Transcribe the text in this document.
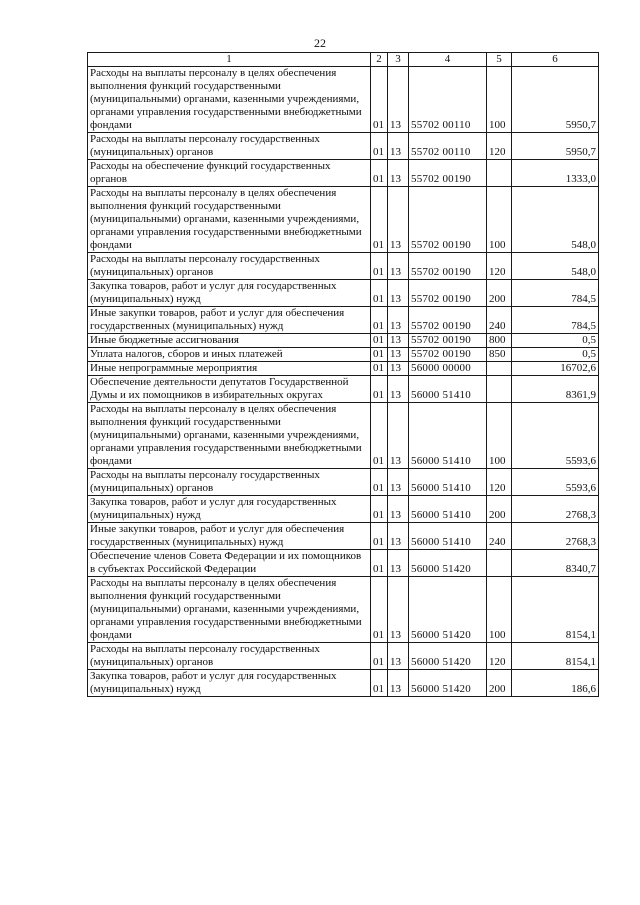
22
1	2	3	4	5	6
Расходы на выплаты персоналу в целях обеспечения выполнения функций государственными (муниципальными) органами, казенными учреждениями, органами управления государственными внебюджетными фондами	01	13	55702 00110	100	5950,7
Расходы на выплаты персоналу государственных (муниципальных) органов	01	13	55702 00110	120	5950,7
Расходы на обеспечение функций государственных органов	01	13	55702 00190		1333,0
Расходы на выплаты персоналу в целях обеспечения выполнения функций государственными (муниципальными) органами, казенными учреждениями, органами управления государственными внебюджетными фондами	01	13	55702 00190	100	548,0
Расходы на выплаты персоналу государственных (муниципальных) органов	01	13	55702 00190	120	548,0
Закупка товаров, работ и услуг для государственных (муниципальных) нужд	01	13	55702 00190	200	784,5
Иные закупки товаров, работ и услуг для обеспечения государственных (муниципальных) нужд	01	13	55702 00190	240	784,5
Иные бюджетные ассигнования	01	13	55702 00190	800	0,5
Уплата налогов, сборов и иных платежей	01	13	55702 00190	850	0,5
Иные непрограммные мероприятия	01	13	56000 00000		16702,6
Обеспечение деятельности депутатов Государственной Думы и их помощников в избирательных округах	01	13	56000 51410		8361,9
Расходы на выплаты персоналу в целях обеспечения выполнения функций государственными (муниципальными) органами, казенными учреждениями, органами управления государственными внебюджетными фондами	01	13	56000 51410	100	5593,6
Расходы на выплаты персоналу государственных (муниципальных) органов	01	13	56000 51410	120	5593,6
Закупка товаров, работ и услуг для государственных (муниципальных) нужд	01	13	56000 51410	200	2768,3
Иные закупки товаров, работ и услуг для обеспечения государственных (муниципальных) нужд	01	13	56000 51410	240	2768,3
Обеспечение членов Совета Федерации и их помощников в субъектах Российской Федерации	01	13	56000 51420		8340,7
Расходы на выплаты персоналу в целях обеспечения выполнения функций государственными (муниципальными) органами, казенными учреждениями, органами управления государственными внебюджетными фондами	01	13	56000 51420	100	8154,1
Расходы на выплаты персоналу государственных (муниципальных) органов	01	13	56000 51420	120	8154,1
Закупка товаров, работ и услуг для государственных (муниципальных) нужд	01	13	56000 51420	200	186,6
